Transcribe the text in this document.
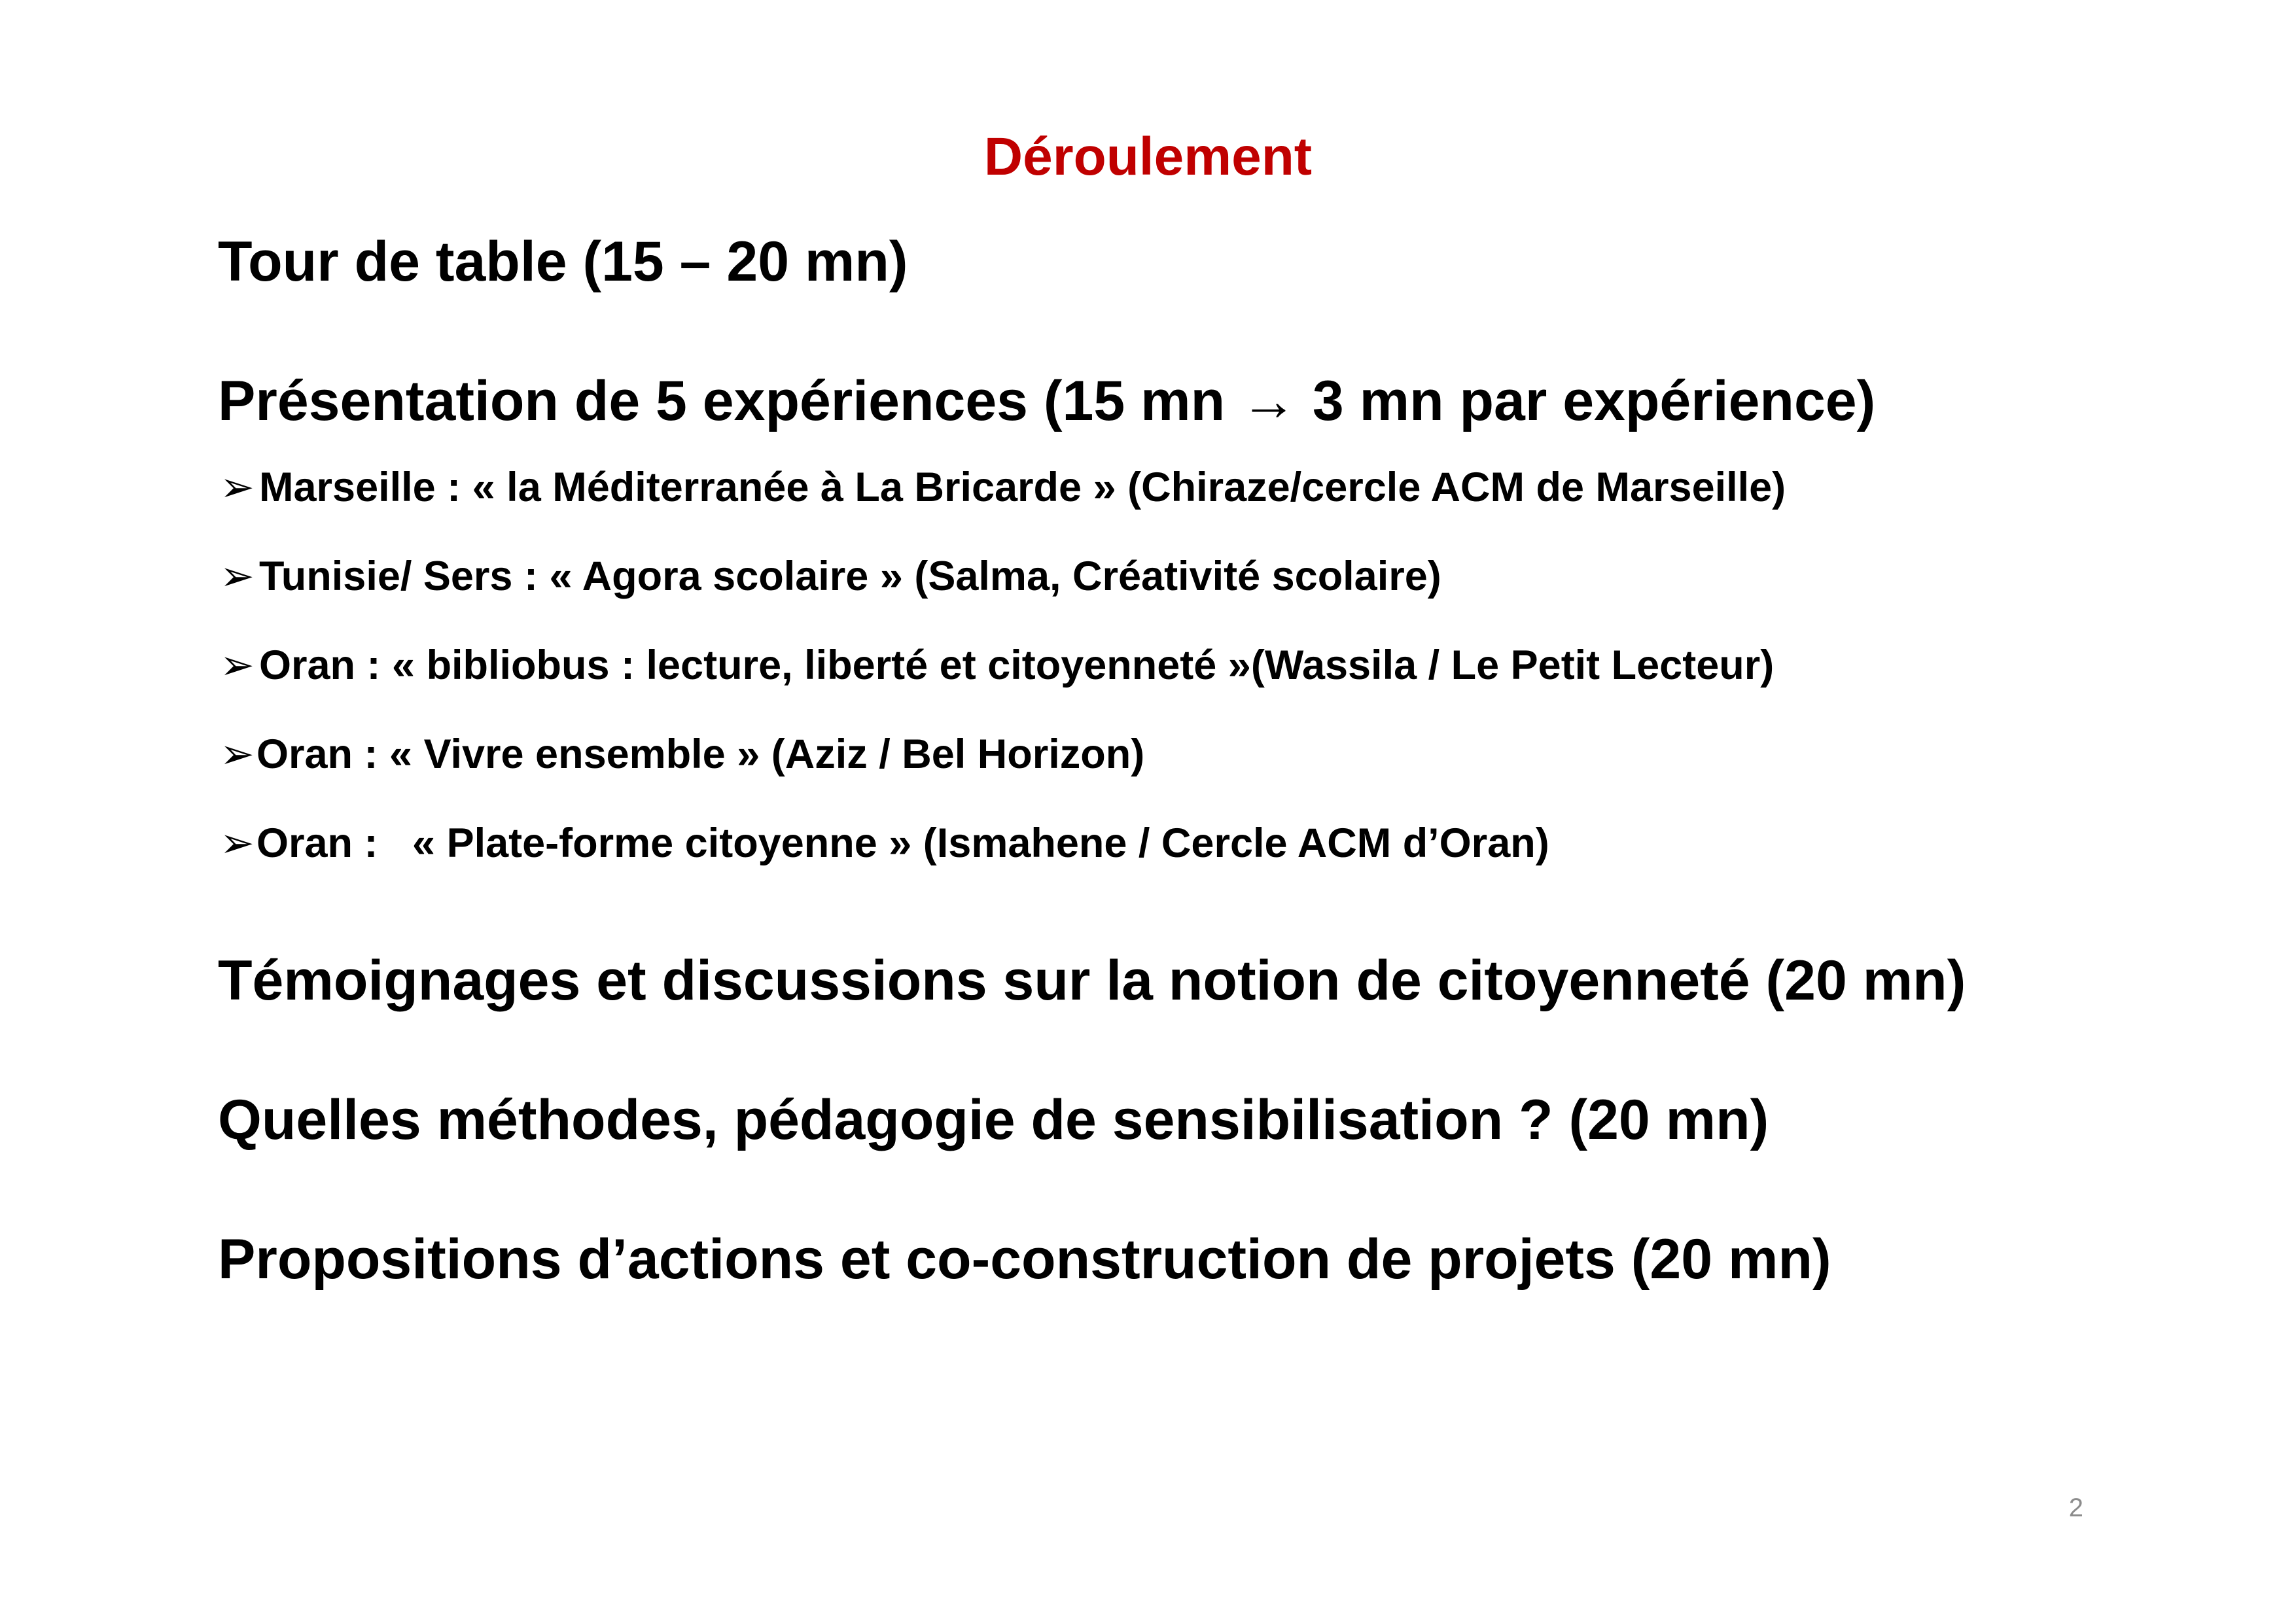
Déroulement
Tour de table (15 – 20 mn)
Présentation de 5 expériences (15 mn → 3 mn par expérience)
➢ Marseille : « la Méditerranée à La Bricarde » (Chiraze/cercle ACM de Marseille)
➢ Tunisie/ Sers : « Agora scolaire » (Salma, Créativité scolaire)
➢ Oran : « bibliobus : lecture, liberté et citoyenneté »(Wassila / Le Petit Lecteur)
➢Oran : « Vivre ensemble » (Aziz / Bel Horizon)
➢Oran :   « Plate-forme citoyenne » (Ismahene / Cercle ACM d’Oran)
Témoignages et discussions sur la notion de citoyenneté (20 mn)
Quelles méthodes, pédagogie de sensibilisation ? (20 mn)
Propositions d’actions et co-construction de projets (20 mn)
2
